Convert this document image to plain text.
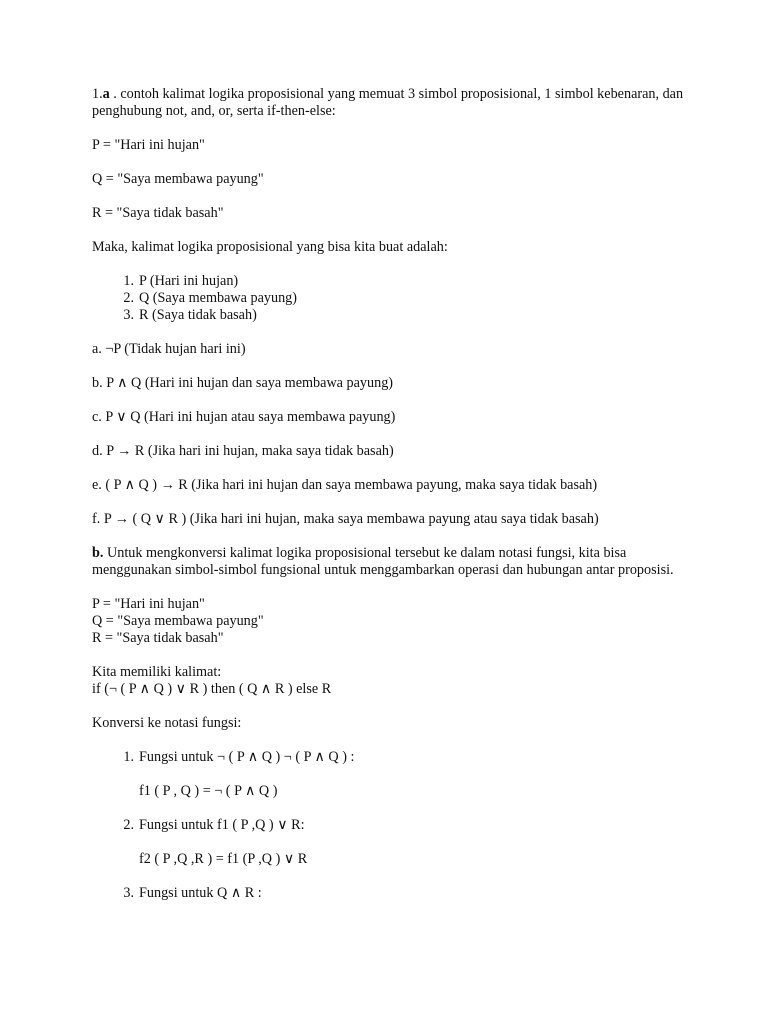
1.a . contoh kalimat logika proposisional yang memuat 3 simbol proposisional, 1 simbol kebenaran, dan penghubung not, and, or, serta if-then-else:

P = "Hari ini hujan"

Q = "Saya membawa payung"

R = "Saya tidak basah"

Maka, kalimat logika proposisional yang bisa kita buat adalah:

1. P (Hari ini hujan)
2. Q (Saya membawa payung)
3. R (Saya tidak basah)

a. ¬P (Tidak hujan hari ini)

b. P ∧ Q (Hari ini hujan dan saya membawa payung)

c. P ∨ Q (Hari ini hujan atau saya membawa payung)

d. P → R (Jika hari ini hujan, maka saya tidak basah)

e. ( P ∧ Q ) → R (Jika hari ini hujan dan saya membawa payung, maka saya tidak basah)

f. P → ( Q ∨ R ) (Jika hari ini hujan, maka saya membawa payung atau saya tidak basah)

b. Untuk mengkonversi kalimat logika proposisional tersebut ke dalam notasi fungsi, kita bisa menggunakan simbol-simbol fungsional untuk menggambarkan operasi dan hubungan antar proposisi.

P = "Hari ini hujan"

Q = "Saya membawa payung"

R = "Saya tidak basah"

Kita memiliki kalimat:

if (¬ ( P ∧ Q ) ∨ R ) then ( Q ∧ R ) else R

Konversi ke notasi fungsi:

1. Fungsi untuk ¬ ( P ∧ Q ) ¬ ( P ∧ Q ) :
f1 ( P , Q ) = ¬ ( P ∧ Q )
2. Fungsi untuk f1 ( P ,Q ) ∨ R:
f2 ( P ,Q ,R ) = f1 (P ,Q ) ∨ R
3. Fungsi untuk Q ∧ R :
